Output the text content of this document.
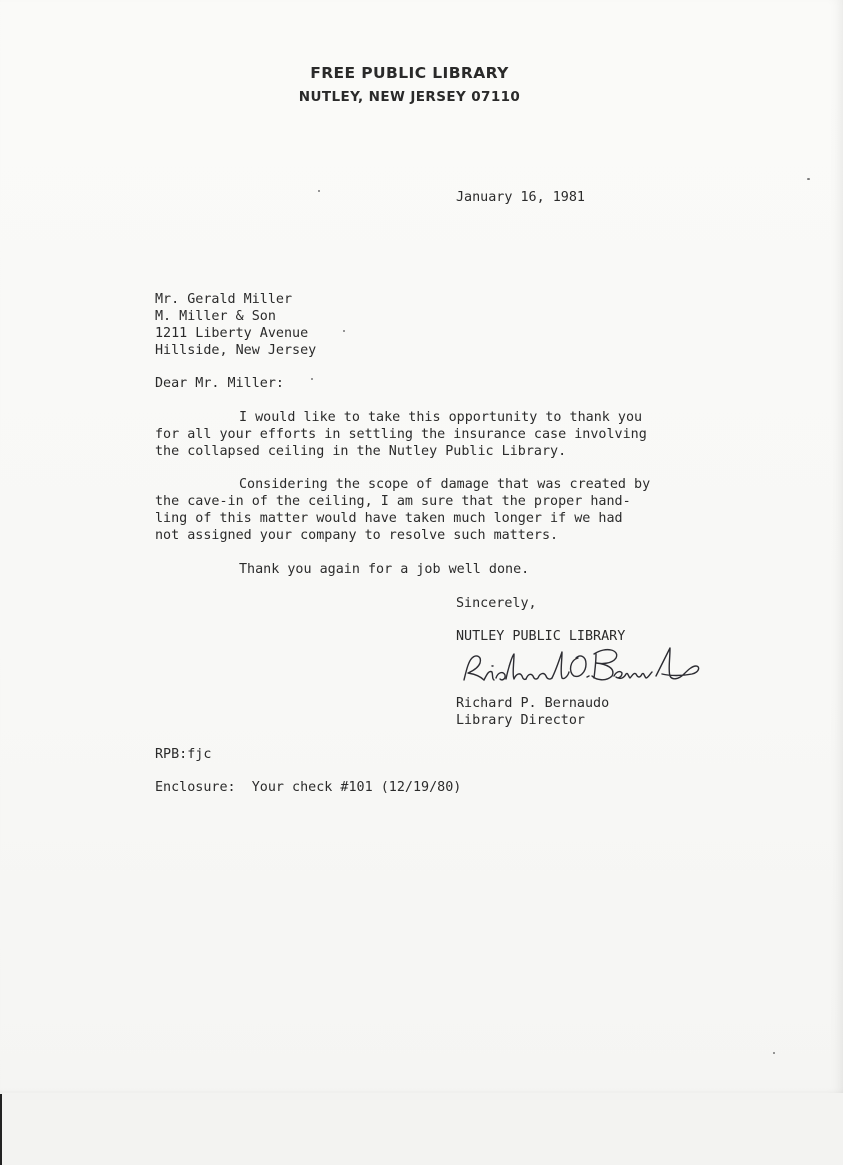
FREE PUBLIC LIBRARY

NUTLEY, NEW JERSEY 07110

January 16, 1981
Mr. Gerald Miller
M. Miller & Son
1211 Liberty Avenue
Hillside, New Jersey
Dear Mr. Miller:
I would like to take this opportunity to thank you
for all your efforts in settling the insurance case involving
the collapsed ceiling in the Nutley Public Library.
Considering the scope of damage that was created by
the cave-in of the ceiling, I am sure that the proper hand-
ling of this matter would have taken much longer if we had
not assigned your company to resolve such matters.
Thank you again for a job well done.
Sincerely,
NUTLEY PUBLIC LIBRARY
Richard P. Bernaudo
Library Director
RPB:fjc
Enclosure:  Your check #101 (12/19/80)
